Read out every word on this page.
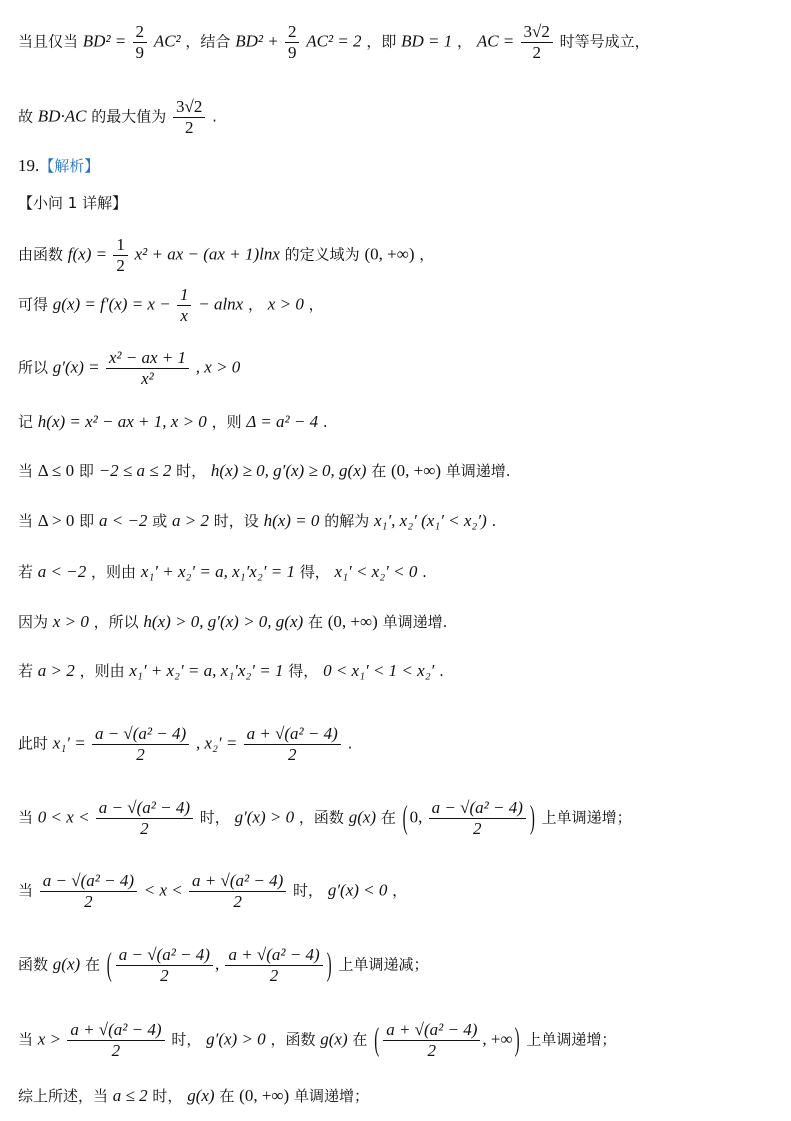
当且仅当 $BD^2 = \frac{2}{9} AC^2$ ，结合 $BD^2 + \frac{2}{9} AC^2 = 2$ ，即 BD = 1 ， AC = $\frac{3√2}{2}$ 时等号成立，
故 BD·AC 的最大值为 $\frac{3√2}{2}$ .
19.【解析】
【小问 1 详解】
由函数 $f(x) = \frac{1}{2} x^2$ + ax − (ax + 1)lnx 的定义域为 (0, +∞) ，
可得 $g(x) = f'(x) = x - \frac{1}{x} - alnx$ ， x > 0 ，
所以 $g'(x) = \frac{\text{x² − ax + 1}}{\text{x²}}$ , x > 0
记 h(x) = x² − ax + 1, x > 0 ，则 Δ = a² − 4 .
当 Δ ≤ 0 即 −2 ≤ a ≤ 2 时， h(x) ≥ 0, g′(x) ≥ 0, g(x) 在 (0, +∞) 单调递增.
当 Δ > 0 即 a < −2 或 a > 2 时，设 h(x) = 0 的解为 x₁′, x₂′ (x₁′ < x₂′) .
若 a < −2 ，则由 x₁′ + x₂′ = a, x₁′x₂′ = 1 得， x₁′ < x₂′ < 0 .
因为 x > 0 ，所以 h(x) > 0, g′(x) > 0, g(x) 在 (0, +∞) 单调递增.
若 a > 2 ，则由 x₁′ + x₂′ = a, x₁′x₂′ = 1 得， 0 < x₁′ < 1 < x₂′ .
此时 $x_1' = \frac{\text{a − √(a² − 4)}}{2}$ , $x_2' = \frac{\text{a + √(a² − 4)}}{2}$ .
当 $0 < x < \frac{\text{a − √(a² − 4)}}{2}$ 时， g′(x) > 0 ，函数 g(x) 在 ( 0, $\frac{\text{a − √(a² − 4)}}{2}$ ) 上单调递增；
当 $\frac{\text{a − √(a² − 4)}}{2} < x < \frac{\text{a + √(a² − 4)}}{2}$ 时， g′(x) < 0 ，
函数 g(x) 在 ( $\frac{\text{a − √(a² − 4)}}{2}$ , $\frac{\text{a + √(a² − 4)}}{2}$ ) 上单调递减；
当 $x > \frac{\text{a + √(a² − 4)}}{2}$ 时， g′(x) > 0 ，函数 g(x) 在 ( $\frac{\text{a + √(a² − 4)}}{2}$ , +∞ ) 上单调递增；
综上所述，当 a ≤ 2 时， g(x) 在 (0, +∞) 单调递增；
